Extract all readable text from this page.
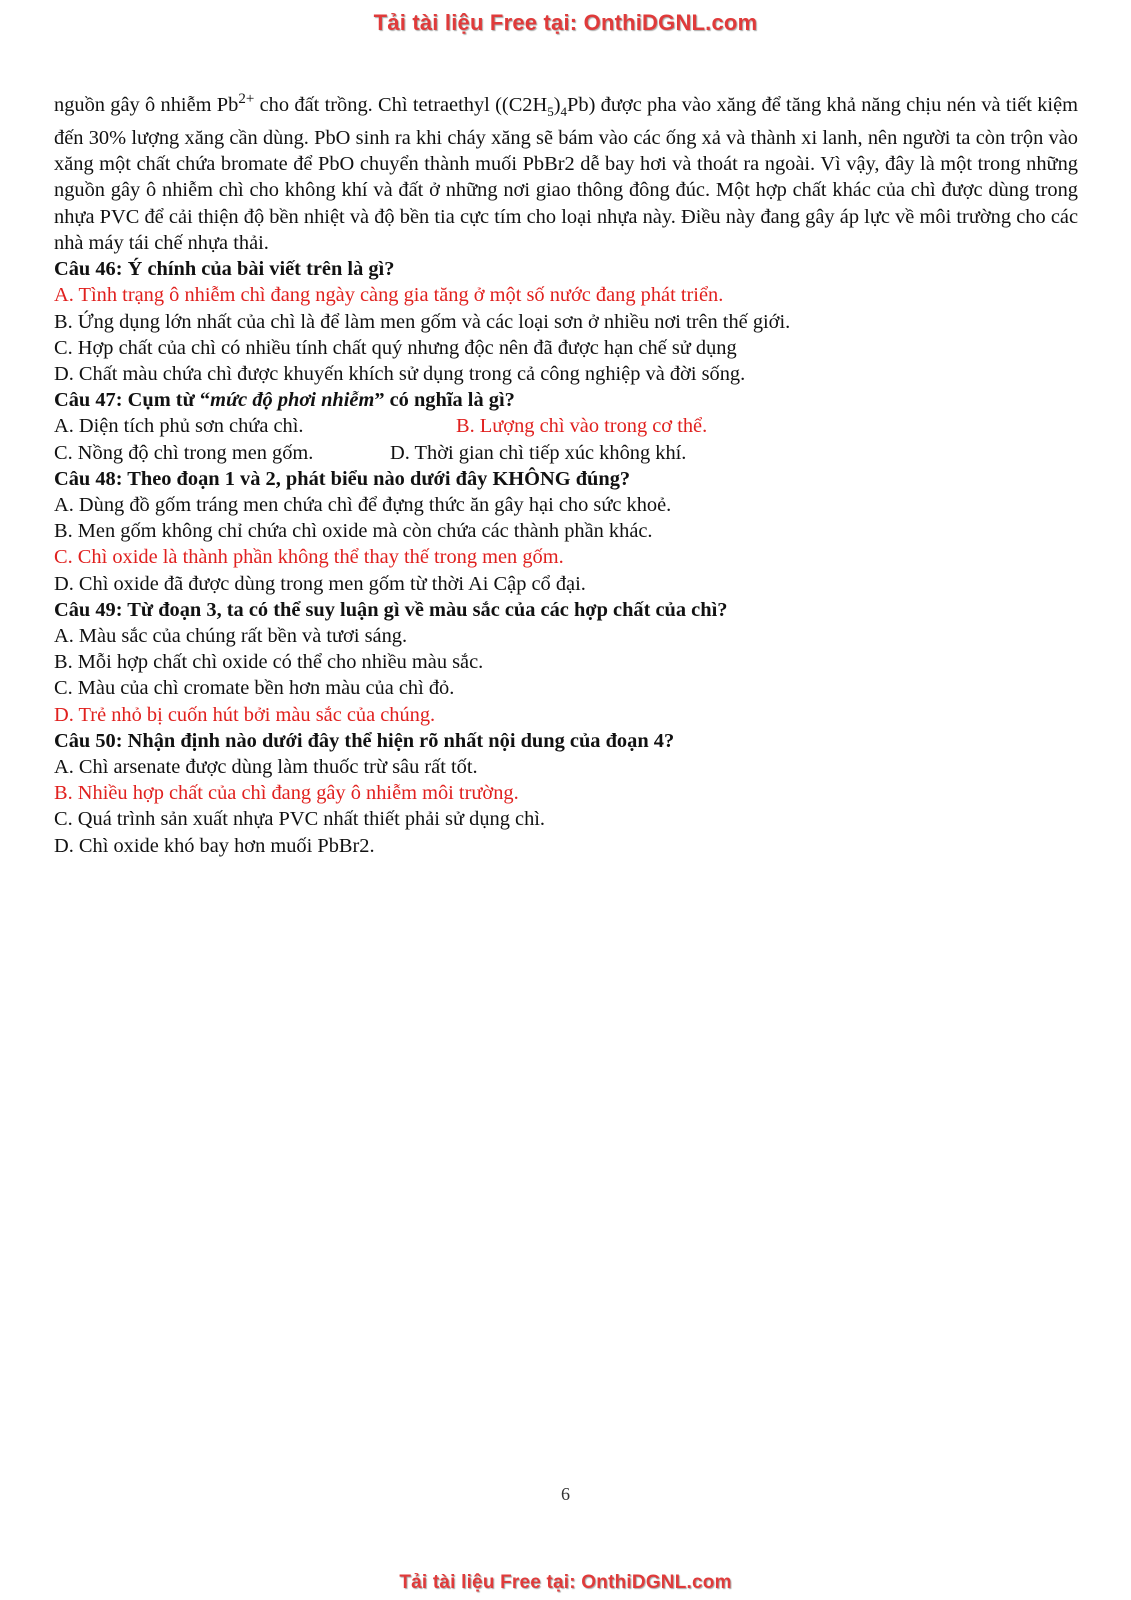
Tải tài liệu Free tại: OnthiDGNL.com

nguồn gây ô nhiễm $Pb^{2+}$ cho đất trồng. Chì tetraethyl $((C2H_5)_4Pb)$ được pha vào xăng để tăng khả năng chịu nén và tiết kiệm đến 30% lượng xăng cần dùng. PbO sinh ra khi cháy xăng sẽ bám vào các ống xả và thành xi lanh, nên người ta còn trộn vào xăng một chất chứa bromate để PbO chuyển thành muối PbBr2 dễ bay hơi và thoát ra ngoài. Vì vậy, đây là một trong những nguồn gây ô nhiễm chì cho không khí và đất ở những nơi giao thông đông đúc. Một hợp chất khác của chì được dùng trong nhựa PVC để cải thiện độ bền nhiệt và độ bền tia cực tím cho loại nhựa này. Điều này đang gây áp lực về môi trường cho các nhà máy tái chế nhựa thải.

Câu 46: Ý chính của bài viết trên là gì?

A. Tình trạng ô nhiễm chì đang ngày càng gia tăng ở một số nước đang phát triển.

B. Ứng dụng lớn nhất của chì là để làm men gốm và các loại sơn ở nhiều nơi trên thế giới.

C. Hợp chất của chì có nhiều tính chất quý nhưng độc nên đã được hạn chế sử dụng

D. Chất màu chứa chì được khuyến khích sử dụng trong cả công nghiệp và đời sống.

Câu 47: Cụm từ “mức độ phơi nhiễm” có nghĩa là gì?

A. Diện tích phủ sơn chứa chì.	B. Lượng chì vào trong cơ thể.
C. Nồng độ chì trong men gốm.	D. Thời gian chì tiếp xúc không khí.

Câu 48: Theo đoạn 1 và 2, phát biểu nào dưới đây KHÔNG đúng?

A. Dùng đồ gốm tráng men chứa chì để đựng thức ăn gây hại cho sức khoẻ.

B. Men gốm không chỉ chứa chì oxide mà còn chứa các thành phần khác.

C. Chì oxide là thành phần không thể thay thế trong men gốm.

D. Chì oxide đã được dùng trong men gốm từ thời Ai Cập cổ đại.

Câu 49: Từ đoạn 3, ta có thể suy luận gì về màu sắc của các hợp chất của chì?

A. Màu sắc của chúng rất bền và tươi sáng.

B. Mỗi hợp chất chì oxide có thể cho nhiều màu sắc.

C. Màu của chì cromate bền hơn màu của chì đỏ.

D. Trẻ nhỏ bị cuốn hút bởi màu sắc của chúng.

Câu 50: Nhận định nào dưới đây thể hiện rõ nhất nội dung của đoạn 4?

A. Chì arsenate được dùng làm thuốc trừ sâu rất tốt.

B. Nhiều hợp chất của chì đang gây ô nhiễm môi trường.

C. Quá trình sản xuất nhựa PVC nhất thiết phải sử dụng chì.

D. Chì oxide khó bay hơn muối PbBr2.

6
Tải tài liệu Free tại: OnthiDGNL.com
